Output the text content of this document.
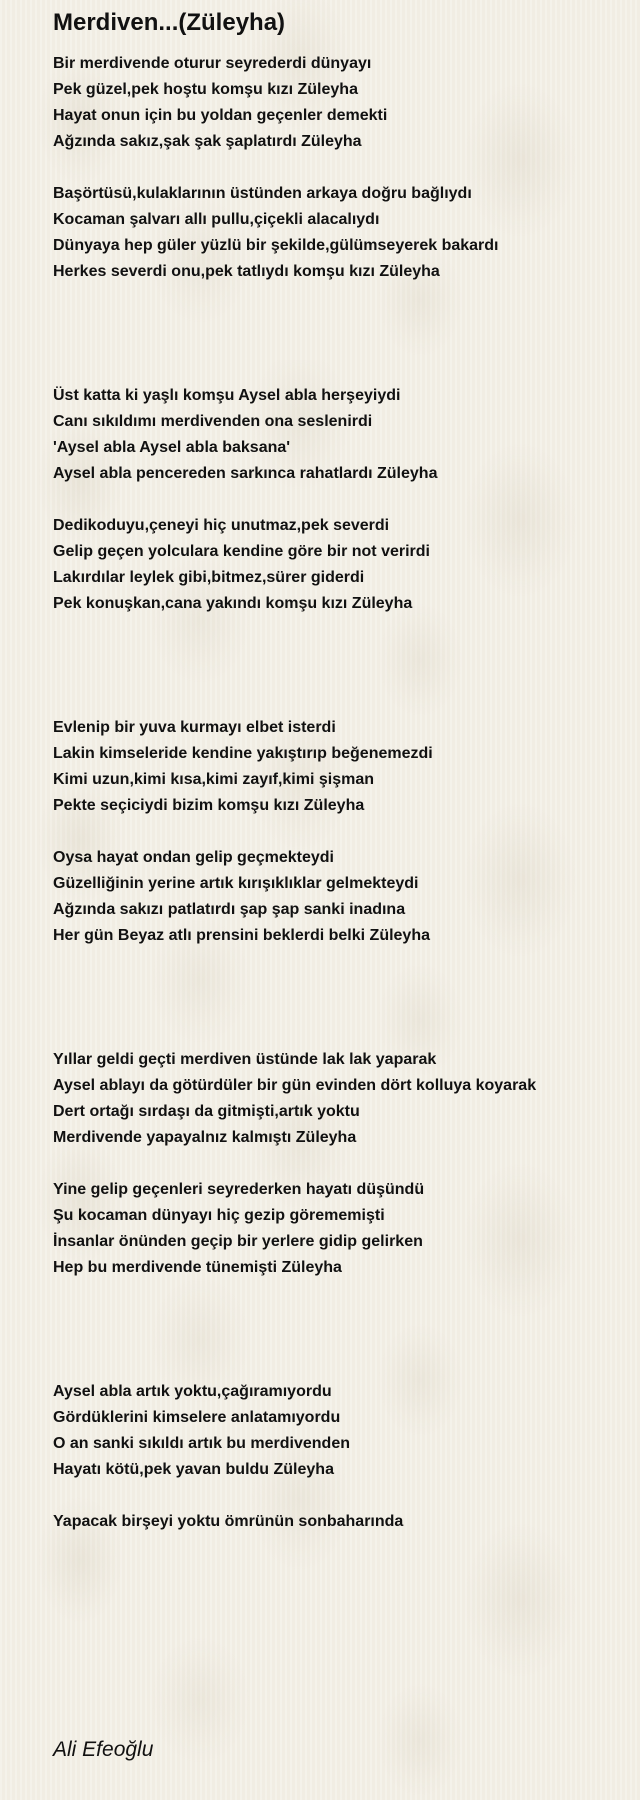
Merdiven...(Züleyha)
Bir merdivende oturur seyrederdi dünyayı
Pek güzel,pek hoştu komşu kızı Züleyha
Hayat onun için bu yoldan geçenler demekti
Ağzında sakız,şak şak şaplatırdı Züleyha
Başörtüsü,kulaklarının üstünden arkaya doğru bağlıydı
Kocaman şalvarı allı pullu,çiçekli alacalıydı
Dünyaya hep güler yüzlü bir şekilde,gülümseyerek bakardı
Herkes severdi onu,pek tatlıydı komşu kızı Züleyha
Üst katta ki yaşlı komşu Aysel abla herşeyiydi
Canı sıkıldımı merdivenden ona seslenirdi
'Aysel abla Aysel abla baksana'
Aysel abla pencereden sarkınca rahatlardı Züleyha
Dedikoduyu,çeneyi hiç unutmaz,pek severdi
Gelip geçen yolculara kendine göre bir not verirdi
Lakırdılar leylek gibi,bitmez,sürer giderdi
Pek konuşkan,cana yakındı komşu kızı Züleyha
Evlenip bir yuva kurmayı elbet isterdi
Lakin kimseleride kendine yakıştırıp beğenemezdi
Kimi uzun,kimi kısa,kimi zayıf,kimi şişman
Pekte seçiciydi bizim komşu kızı Züleyha
Oysa hayat ondan gelip geçmekteydi
Güzelliğinin yerine artık kırışıklıklar gelmekteydi
Ağzında sakızı patlatırdı şap şap sanki inadına
Her gün Beyaz atlı prensini beklerdi belki Züleyha
Yıllar geldi geçti merdiven üstünde lak lak yaparak
Aysel ablayı da götürdüler bir gün evinden dört kolluya koyarak
Dert ortağı sırdaşı da gitmişti,artık yoktu
Merdivende yapayalnız kalmıştı Züleyha
Yine gelip geçenleri seyrederken hayatı düşündü
Şu kocaman dünyayı hiç gezip görememişti
İnsanlar önünden geçip bir yerlere gidip gelirken
Hep bu merdivende tünemişti Züleyha
Aysel abla artık yoktu,çağıramıyordu
Gördüklerini kimselere anlatamıyordu
O an sanki sıkıldı artık bu merdivenden
Hayatı kötü,pek yavan buldu Züleyha
Yapacak birşeyi yoktu ömrünün sonbaharında
Ali Efeoğlu
